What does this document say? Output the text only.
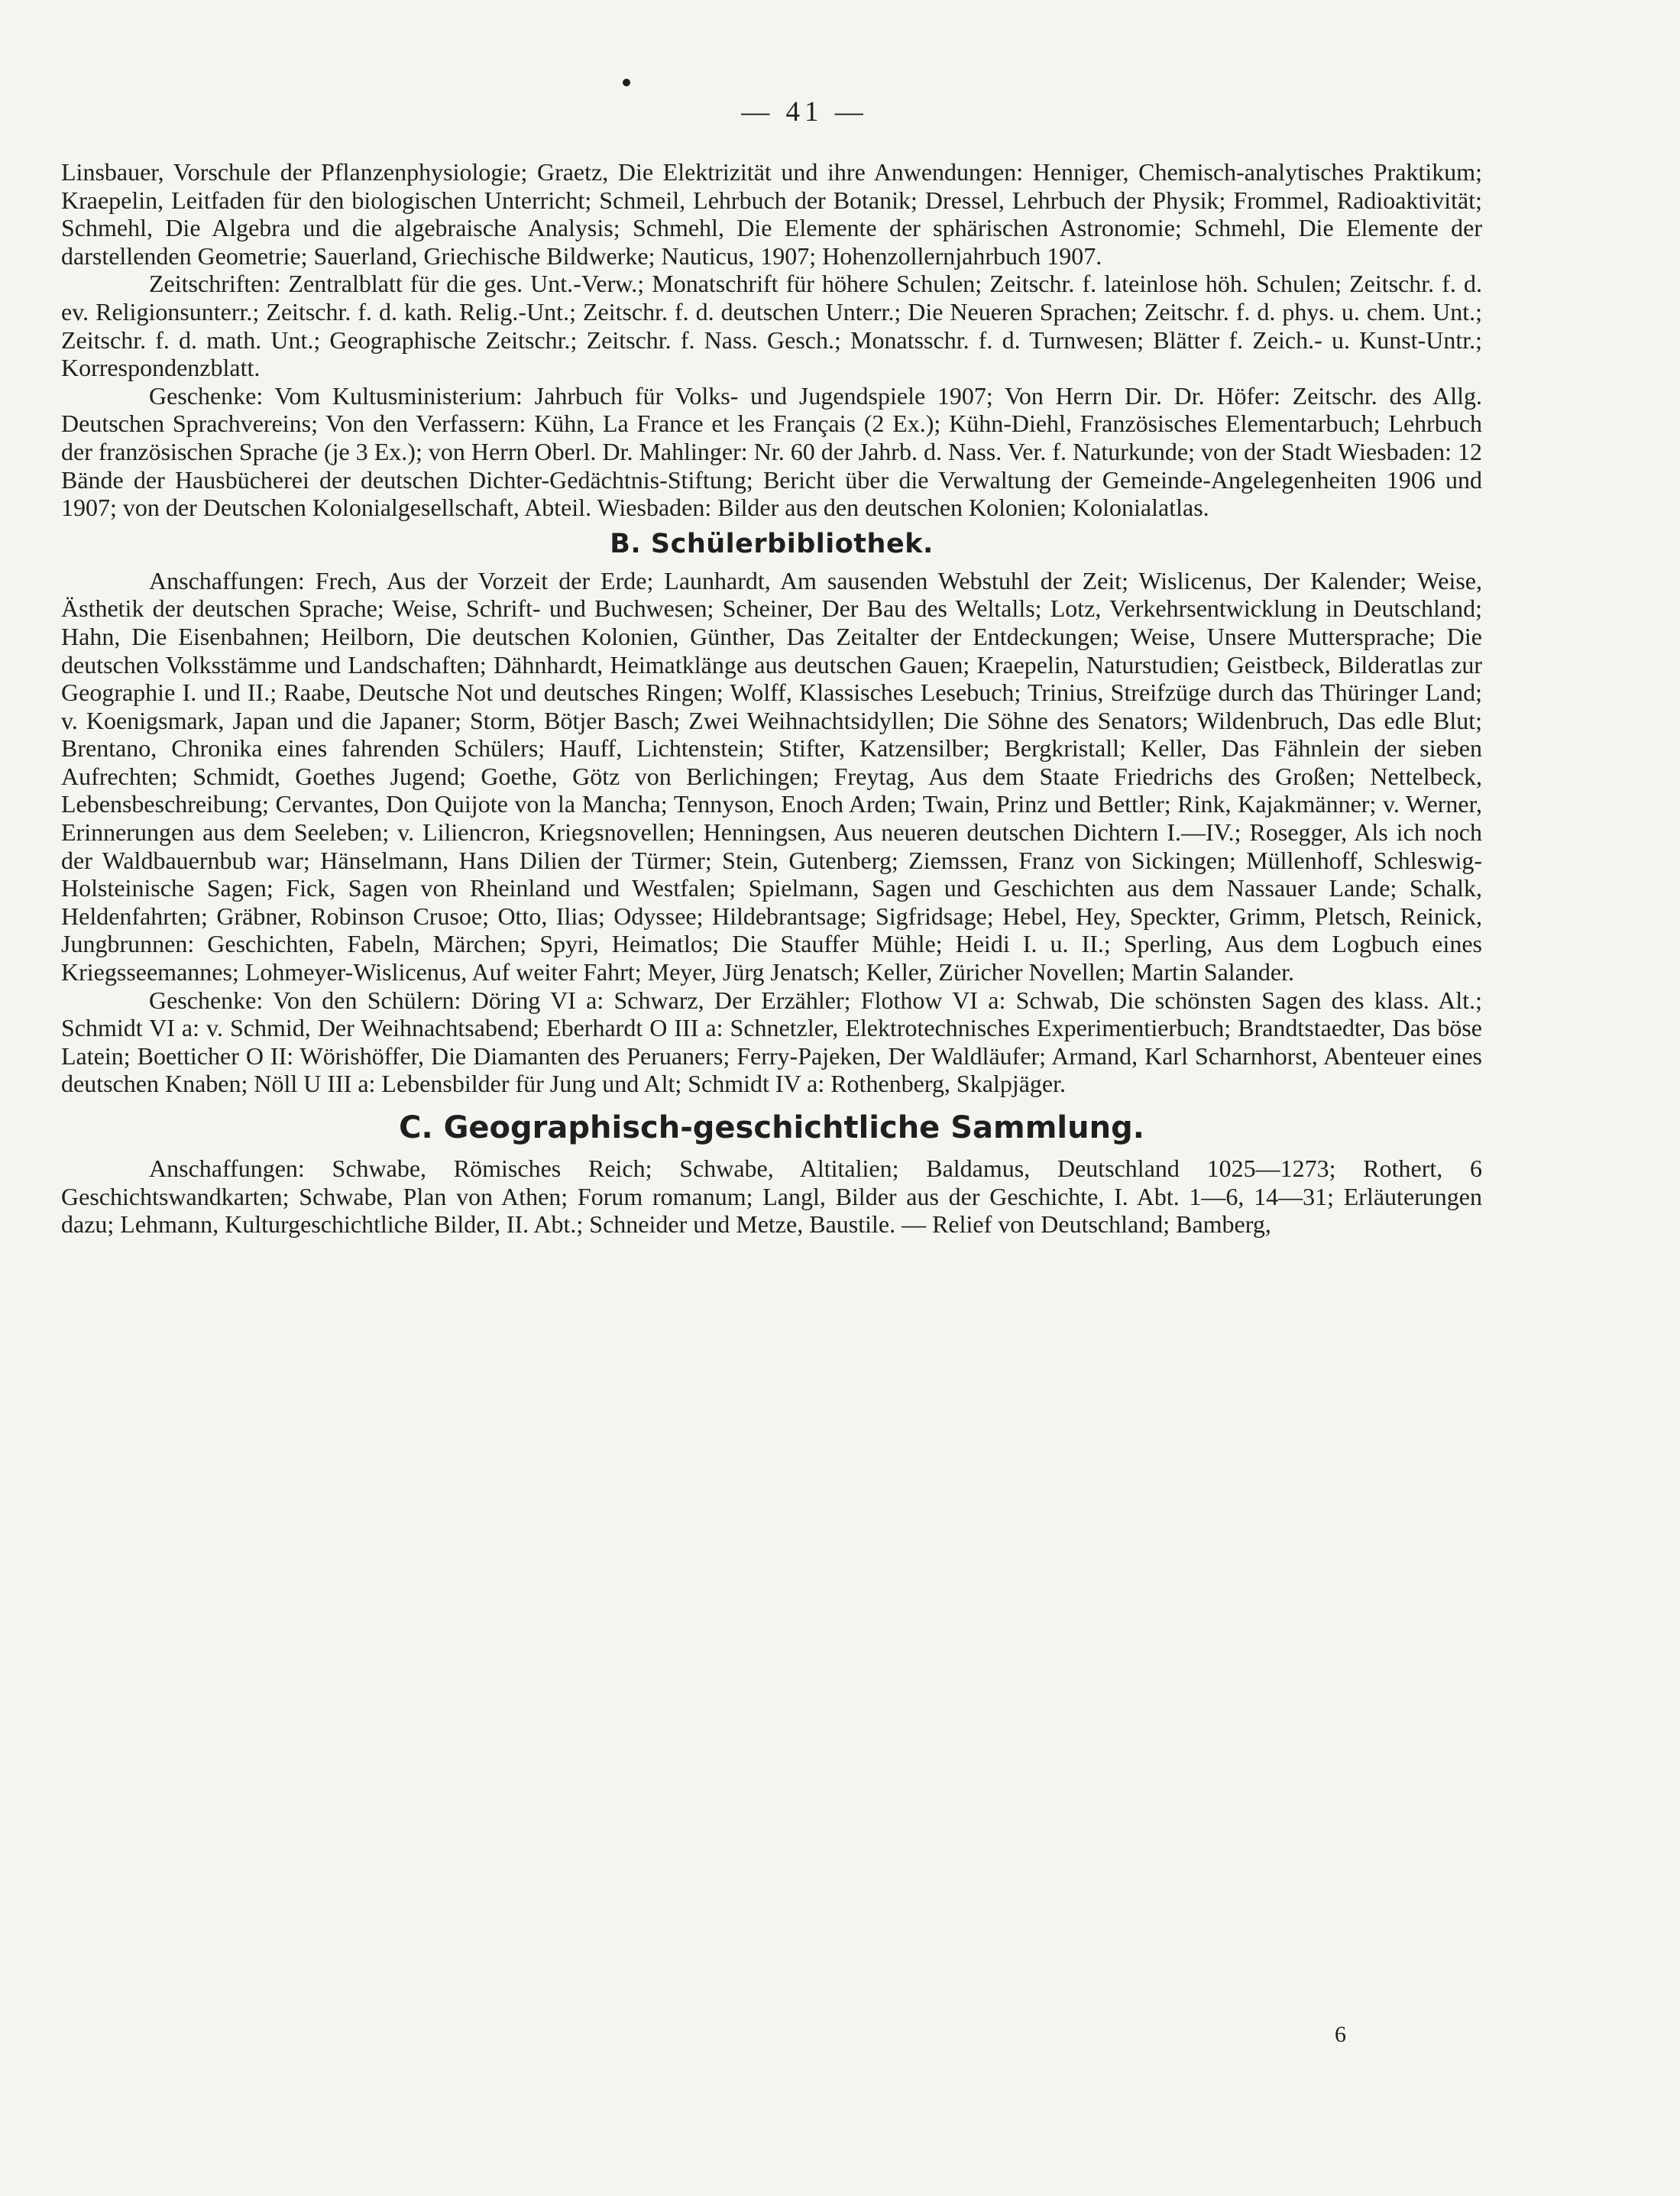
— 41 —

Linsbauer, Vorschule der Pflanzenphysiologie; Graetz, Die Elektrizität und ihre Anwendungen: Henniger, Chemisch-analytisches Praktikum; Kraepelin, Leitfaden für den biologischen Unterricht; Schmeil, Lehrbuch der Botanik; Dressel, Lehrbuch der Physik; Frommel, Radioaktivität; Schmehl, Die Algebra und die algebraische Analysis; Schmehl, Die Elemente der sphärischen Astronomie; Schmehl, Die Elemente der darstellenden Geometrie; Sauerland, Griechische Bildwerke; Nauticus, 1907; Hohenzollernjahrbuch 1907.

Zeitschriften: Zentralblatt für die ges. Unt.-Verw.; Monatschrift für höhere Schulen; Zeitschr. f. lateinlose höh. Schulen; Zeitschr. f. d. ev. Religionsunterr.; Zeitschr. f. d. kath. Relig.-Unt.; Zeitschr. f. d. deutschen Unterr.; Die Neueren Sprachen; Zeitschr. f. d. phys. u. chem. Unt.; Zeitschr. f. d. math. Unt.; Geographische Zeitschr.; Zeitschr. f. Nass. Gesch.; Monatsschr. f. d. Turnwesen; Blätter f. Zeich.- u. Kunst-Untr.; Korrespondenzblatt.

Geschenke: Vom Kultusministerium: Jahrbuch für Volks- und Jugendspiele 1907; Von Herrn Dir. Dr. Höfer: Zeitschr. des Allg. Deutschen Sprachvereins; Von den Verfassern: Kühn, La France et les Français (2 Ex.); Kühn-Diehl, Französisches Elementarbuch; Lehrbuch der französischen Sprache (je 3 Ex.); von Herrn Oberl. Dr. Mahlinger: Nr. 60 der Jahrb. d. Nass. Ver. f. Naturkunde; von der Stadt Wiesbaden: 12 Bände der Hausbücherei der deutschen Dichter-Gedächtnis-Stiftung; Bericht über die Verwaltung der Gemeinde-Angelegenheiten 1906 und 1907; von der Deutschen Kolonialgesellschaft, Abteil. Wiesbaden: Bilder aus den deutschen Kolonien; Kolonialatlas.

B. Schülerbibliothek.

Anschaffungen: Frech, Aus der Vorzeit der Erde; Launhardt, Am sausenden Webstuhl der Zeit; Wislicenus, Der Kalender; Weise, Ästhetik der deutschen Sprache; Weise, Schrift- und Buchwesen; Scheiner, Der Bau des Weltalls; Lotz, Verkehrsentwicklung in Deutschland; Hahn, Die Eisenbahnen; Heilborn, Die deutschen Kolonien, Günther, Das Zeitalter der Entdeckungen; Weise, Unsere Muttersprache; Die deutschen Volksstämme und Landschaften; Dähnhardt, Heimatklänge aus deutschen Gauen; Kraepelin, Naturstudien; Geistbeck, Bilderatlas zur Geographie I. und II.; Raabe, Deutsche Not und deutsches Ringen; Wolff, Klassisches Lesebuch; Trinius, Streifzüge durch das Thüringer Land; v. Koenigsmark, Japan und die Japaner; Storm, Bötjer Basch; Zwei Weihnachtsidyllen; Die Söhne des Senators; Wildenbruch, Das edle Blut; Brentano, Chronika eines fahrenden Schülers; Hauff, Lichtenstein; Stifter, Katzensilber; Bergkristall; Keller, Das Fähnlein der sieben Aufrechten; Schmidt, Goethes Jugend; Goethe, Götz von Berlichingen; Freytag, Aus dem Staate Friedrichs des Großen; Nettelbeck, Lebensbeschreibung; Cervantes, Don Quijote von la Mancha; Tennyson, Enoch Arden; Twain, Prinz und Bettler; Rink, Kajakmänner; v. Werner, Erinnerungen aus dem Seeleben; v. Liliencron, Kriegsnovellen; Henningsen, Aus neueren deutschen Dichtern I.—IV.; Rosegger, Als ich noch der Waldbauernbub war; Hänselmann, Hans Dilien der Türmer; Stein, Gutenberg; Ziemssen, Franz von Sickingen; Müllenhoff, Schleswig-Holsteinische Sagen; Fick, Sagen von Rheinland und Westfalen; Spielmann, Sagen und Geschichten aus dem Nassauer Lande; Schalk, Heldenfahrten; Gräbner, Robinson Crusoe; Otto, Ilias; Odyssee; Hildebrantsage; Sigfridsage; Hebel, Hey, Speckter, Grimm, Pletsch, Reinick, Jungbrunnen: Geschichten, Fabeln, Märchen; Spyri, Heimatlos; Die Stauffer Mühle; Heidi I. u. II.; Sperling, Aus dem Logbuch eines Kriegsseemannes; Lohmeyer-Wislicenus, Auf weiter Fahrt; Meyer, Jürg Jenatsch; Keller, Züricher Novellen; Martin Salander.

Geschenke: Von den Schülern: Döring VI a: Schwarz, Der Erzähler; Flothow VI a: Schwab, Die schönsten Sagen des klass. Alt.; Schmidt VI a: v. Schmid, Der Weihnachtsabend; Eberhardt O III a: Schnetzler, Elektrotechnisches Experimentierbuch; Brandtstaedter, Das böse Latein; Boetticher O II: Wörishöffer, Die Diamanten des Peruaners; Ferry-Pajeken, Der Waldläufer; Armand, Karl Scharnhorst, Abenteuer eines deutschen Knaben; Nöll U III a: Lebensbilder für Jung und Alt; Schmidt IV a: Rothenberg, Skalpjäger.

C. Geographisch-geschichtliche Sammlung.

Anschaffungen: Schwabe, Römisches Reich; Schwabe, Altitalien; Baldamus, Deutschland 1025—1273; Rothert, 6 Geschichtswandkarten; Schwabe, Plan von Athen; Forum romanum; Langl, Bilder aus der Geschichte, I. Abt. 1—6, 14—31; Erläuterungen dazu; Lehmann, Kulturgeschichtliche Bilder, II. Abt.; Schneider und Metze, Baustile. — Relief von Deutschland; Bamberg,

6
